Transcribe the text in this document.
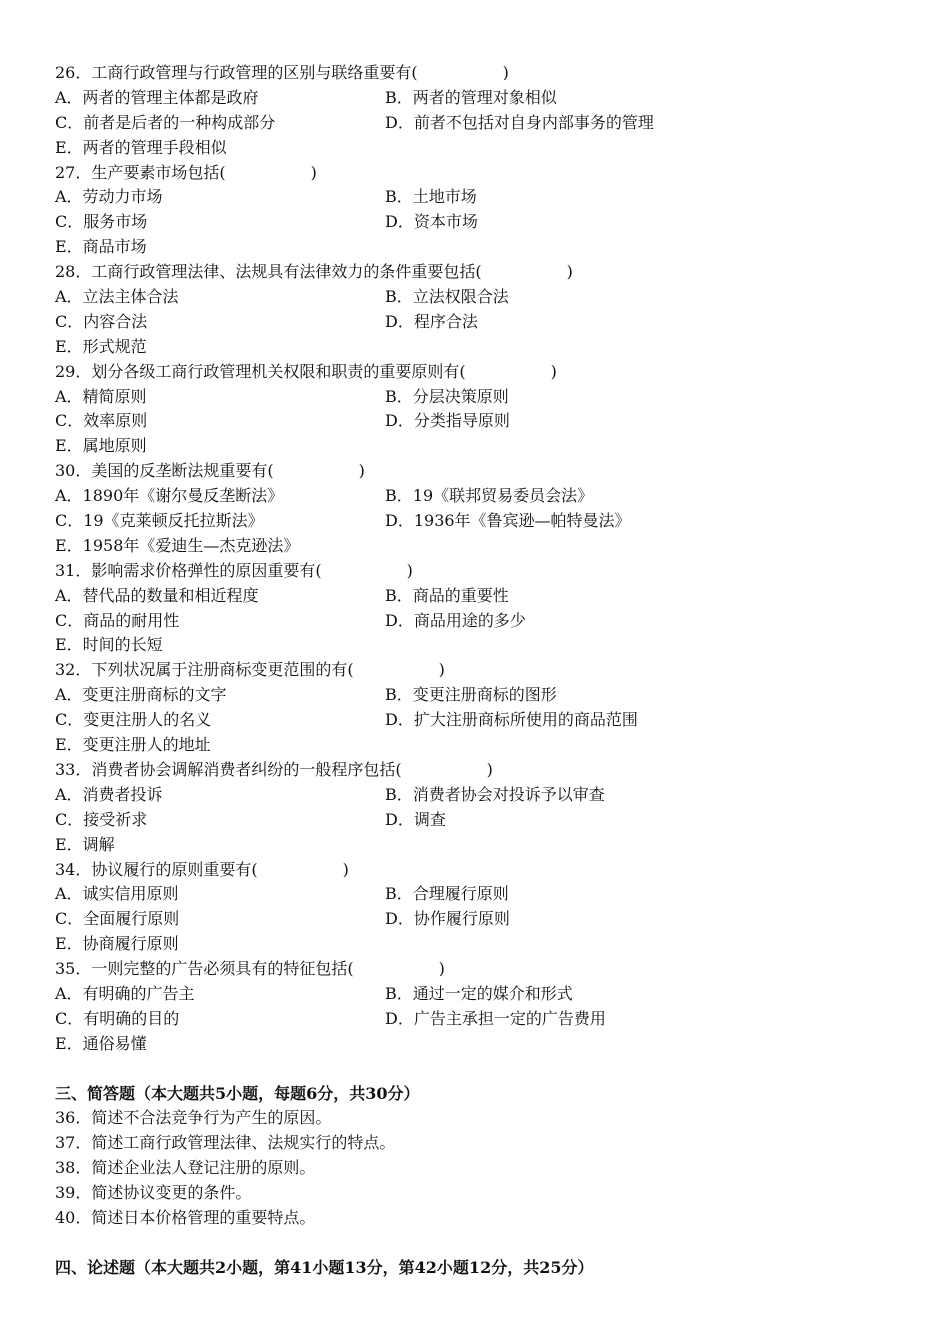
26．工商行政管理与行政管理的区别与联络重要有(	)
A．两者的管理主体都是政府	B．两者的管理对象相似
C．前者是后者的一种构成部分	D．前者不包括对自身内部事务的管理
E．两者的管理手段相似
27．生产要素市场包括(	)
A．劳动力市场	B．土地市场
C．服务市场	D．资本市场
E．商品市场
28．工商行政管理法律、法规具有法律效力的条件重要包括(	)
A．立法主体合法	B．立法权限合法
C．内容合法	D．程序合法
E．形式规范
29．划分各级工商行政管理机关权限和职责的重要原则有(	)
A．精简原则	B．分层决策原则
C．效率原则	D．分类指导原则
E．属地原则
30．美国的反垄断法规重要有(	)
A．1890年《谢尔曼反垄断法》	B．19《联邦贸易委员会法》
C．19《克莱顿反托拉斯法》	D．1936年《鲁宾逊—帕特曼法》
E．1958年《爱迪生—杰克逊法》
31．影响需求价格弹性的原因重要有(	)
A．替代品的数量和相近程度	B．商品的重要性
C．商品的耐用性	D．商品用途的多少
E．时间的长短
32．下列状况属于注册商标变更范围的有(	)
A．变更注册商标的文字	B．变更注册商标的图形
C．变更注册人的名义	D．扩大注册商标所使用的商品范围
E．变更注册人的地址
33．消费者协会调解消费者纠纷的一般程序包括(	)
A．消费者投诉	B．消费者协会对投诉予以审查
C．接受祈求	D．调查
E．调解
34．协议履行的原则重要有(	)
A．诚实信用原则	B．合理履行原则
C．全面履行原则	D．协作履行原则
E．协商履行原则
35．一则完整的广告必须具有的特征包括(	)
A．有明确的广告主	B．通过一定的媒介和形式
C．有明确的目的	D．广告主承担一定的广告费用
E．通俗易懂
三、简答题（本大题共5小题，每题6分，共30分）
36．简述不合法竞争行为产生的原因。
37．简述工商行政管理法律、法规实行的特点。
38．简述企业法人登记注册的原则。
39．简述协议变更的条件。
40．简述日本价格管理的重要特点。
四、论述题（本大题共2小题，第41小题13分，第42小题12分，共25分）
